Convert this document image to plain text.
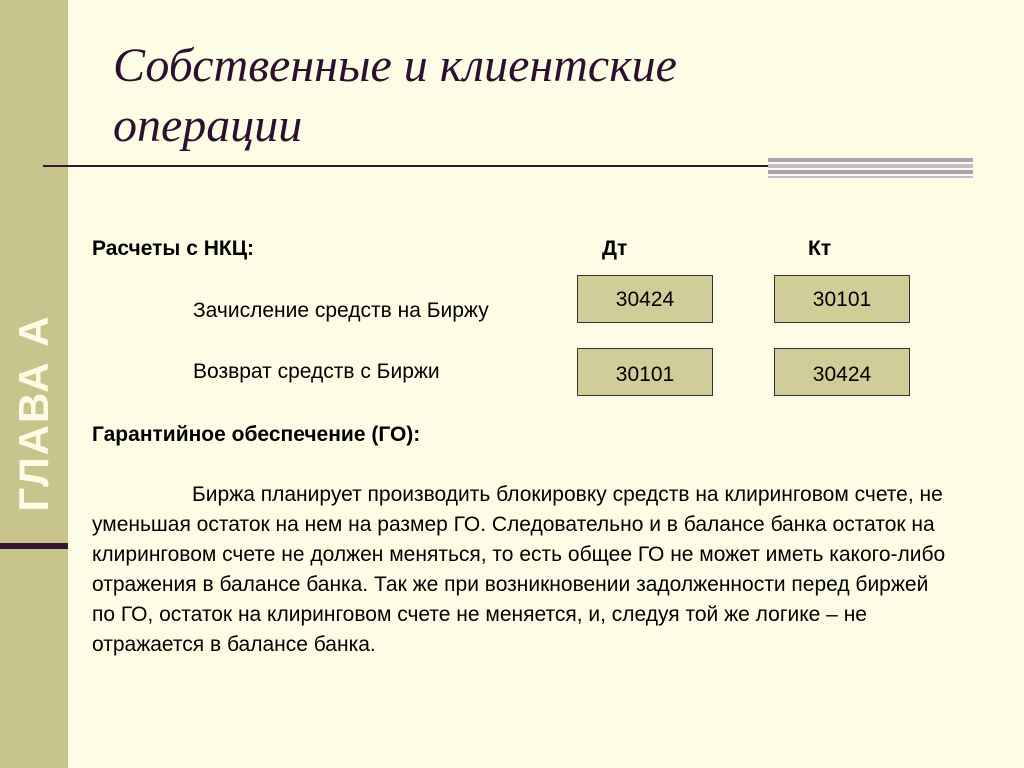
ГЛАВА А
Собственные и клиентские
операции
Расчеты с НКЦ:	Дт	Кт
Зачисление средств на Биржу	30424	30101
Возврат средств с Биржи	30101	30424
Гарантийное обеспечение (ГО):

Биржа планирует производить блокировку средств на клиринговом счете, не уменьшая остаток на нем на размер ГО. Следовательно и в балансе банка остаток на клиринговом счете не должен меняться, то есть общее ГО не может иметь какого-либо отражения в балансе банка. Так же при возникновении задолженности перед биржей по ГО, остаток на клиринговом счете не меняется, и, следуя той же логике – не отражается в балансе банка.
